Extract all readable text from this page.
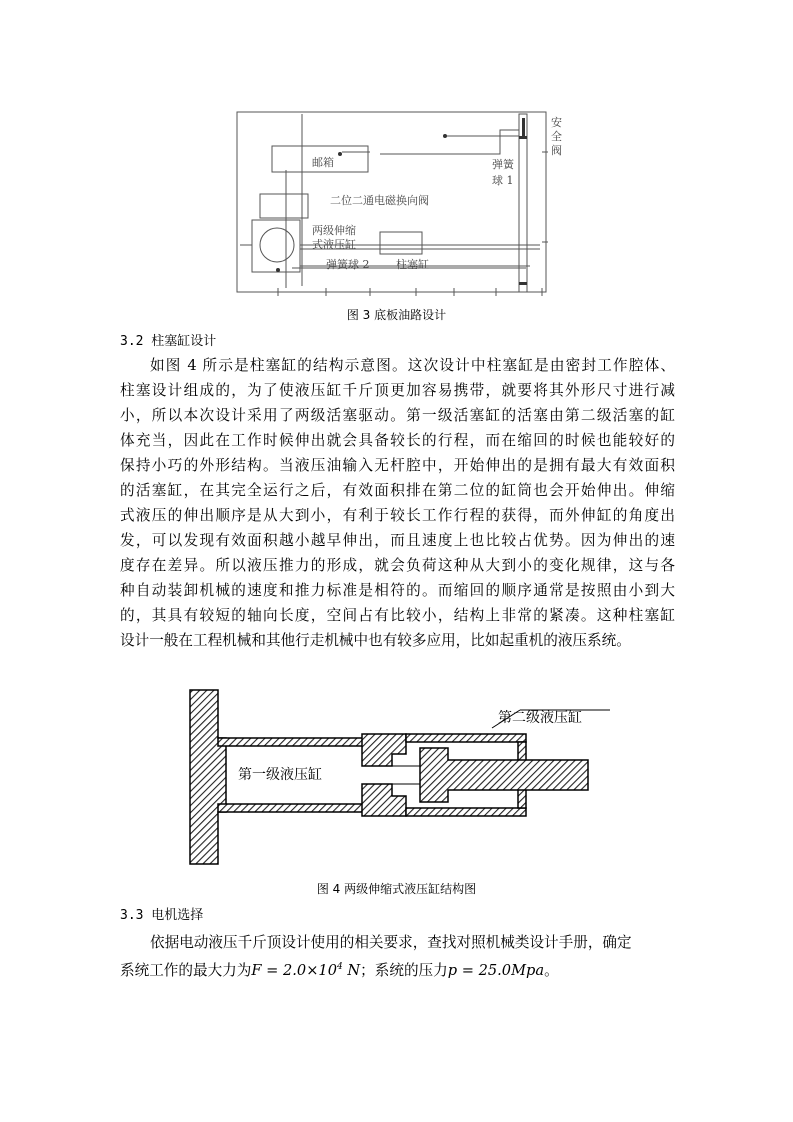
安
全
阀
邮箱	弹簧
球 1
二位二通电磁换向阀
两级伸缩
式液压缸
弹簧球 2 柱塞缸
图 3 底板油路设计
3.2 柱塞缸设计
如图 4 所示是柱塞缸的结构示意图。这次设计中柱塞缸是由密封工作腔体、
柱塞设计组成的，为了使液压缸千斤顶更加容易携带，就要将其外形尺寸进行减
小，所以本次设计采用了两级活塞驱动。第一级活塞缸的活塞由第二级活塞的缸
体充当，因此在工作时候伸出就会具备较长的行程，而在缩回的时候也能较好的
保持小巧的外形结构。当液压油输入无杆腔中，开始伸出的是拥有最大有效面积
的活塞缸，在其完全运行之后，有效面积排在第二位的缸筒也会开始伸出。伸缩
式液压的伸出顺序是从大到小，有利于较长工作行程的获得，而外伸缸的角度出
发，可以发现有效面积越小越早伸出，而且速度上也比较占优势。因为伸出的速
度存在差异。所以液压推力的形成，就会负荷这种从大到小的变化规律，这与各
种自动装卸机械的速度和推力标准是相符的。而缩回的顺序通常是按照由小到大
的，其具有较短的轴向长度，空间占有比较小，结构上非常的紧凑。这种柱塞缸
设计一般在工程机械和其他行走机械中也有较多应用，比如起重机的液压系统。
第二级液压缸
第一级液压缸
图 4 两级伸缩式液压缸结构图
3.3 电机选择
依据电动液压千斤顶设计使用的相关要求，查找对照机械类设计手册，确定
系统工作的最大力为$F = 2.0\times 10^4$ N；系统的压力p = 25.0Mpa。
